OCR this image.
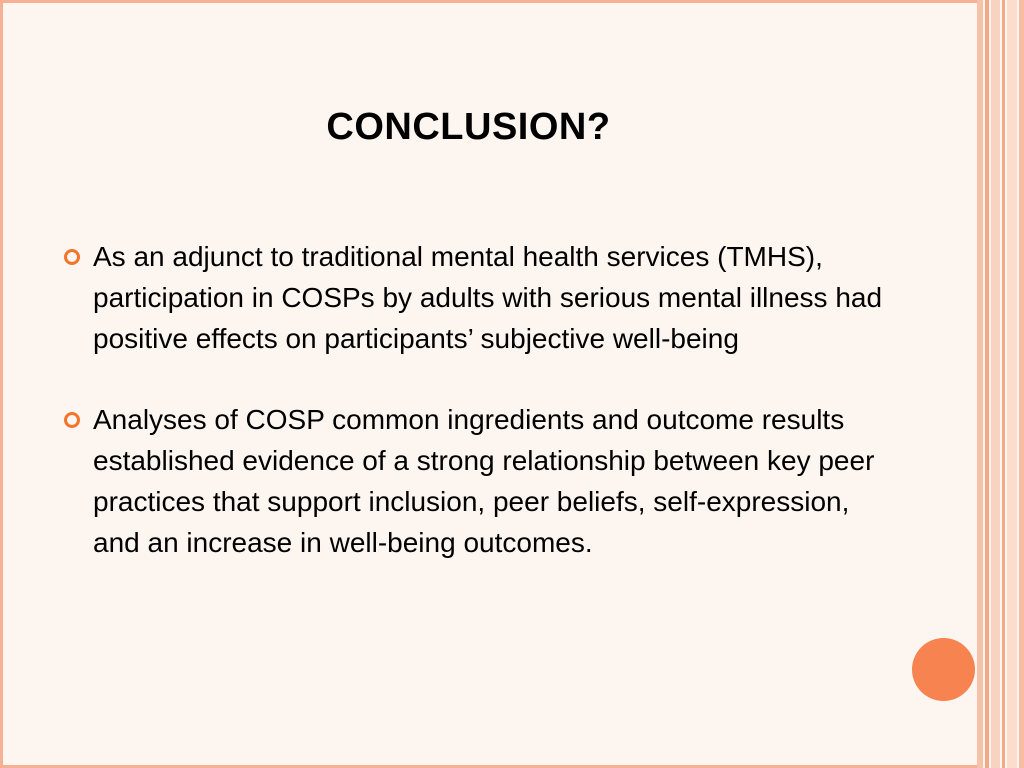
CONCLUSION?
As an adjunct to traditional mental health services (TMHS), participation in COSPs by adults with serious mental illness had positive effects on participants’ subjective well-being
Analyses of COSP common ingredients and outcome results established evidence of a strong relationship between key peer practices that support inclusion, peer beliefs, self-expression, and an increase in well-being outcomes.
